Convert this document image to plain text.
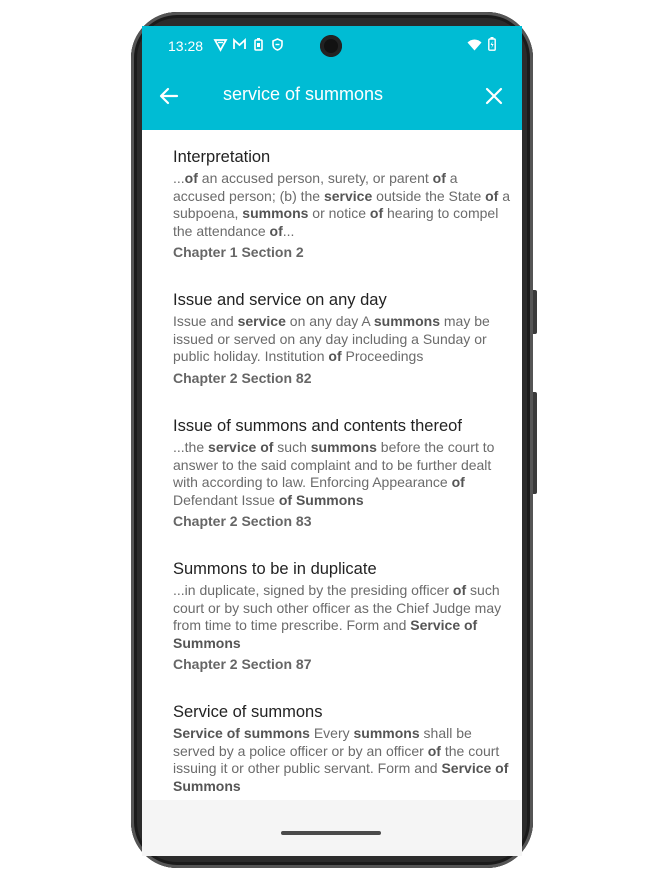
13:28
service of summons
Interpretation
...of an accused person, surety, or parent of a accused person; (b) the service outside the State of a subpoena, summons or notice of hearing to compel the attendance of...
Chapter 1 Section 2
Issue and service on any day
Issue and service on any day A summons may be issued or served on any day including a Sunday or public holiday. Institution of Proceedings
Chapter 2 Section 82
Issue of summons and contents thereof
...the service of such summons before the court to answer to the said complaint and to be further dealt with according to law. Enforcing Appearance of Defendant Issue of Summons
Chapter 2 Section 83
Summons to be in duplicate
...in duplicate, signed by the presiding officer of such court or by such other officer as the Chief Judge may from time to time prescribe. Form and Service of Summons
Chapter 2 Section 87
Service of summons
Service of summons Every summons shall be served by a police officer or by an officer of the court issuing it or other public servant. Form and Service of Summons
